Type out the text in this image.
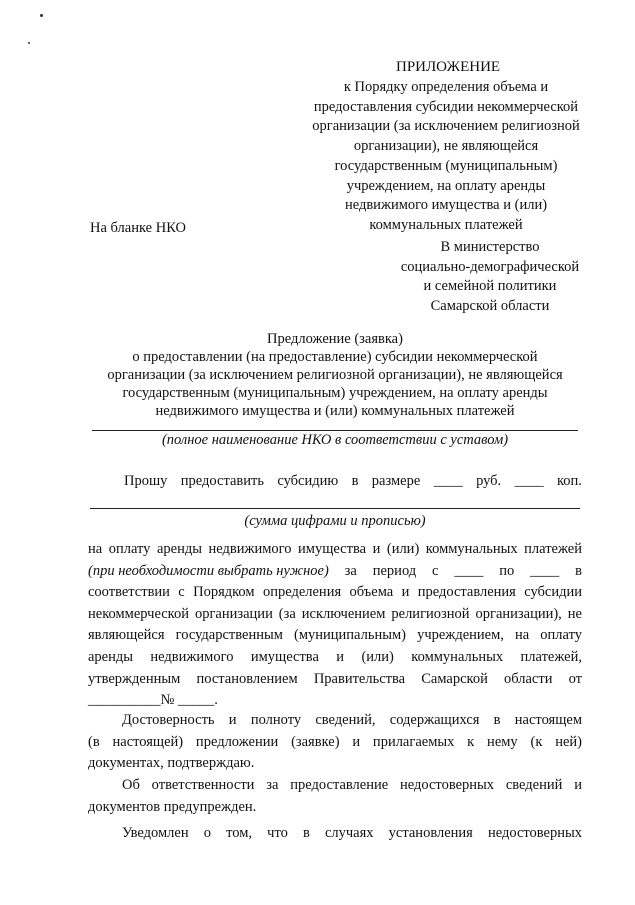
ПРИЛОЖЕНИЕ
к Порядку определения объема и
предоставления субсидии некоммерческой
организации (за исключением религиозной
организации), не являющейся
государственным (муниципальным)
учреждением, на оплату аренды
недвижимого имущества и (или)
коммунальных платежей
На бланке НКО
В министерство
социально-демографической
и семейной политики
Самарской области
Предложение (заявка)
о предоставлении (на предоставление) субсидии некоммерческой
организации (за исключением религиозной организации), не являющейся
государственным (муниципальным) учреждением, на оплату аренды
недвижимого имущества и (или) коммунальных платежей
(полное наименование НКО в соответствии с уставом)
Прошу предоставить субсидию в размере ____ руб. ____ коп.
(сумма цифрами и прописью)
на оплату аренды недвижимого имущества и (или) коммунальных платежей
(при необходимости выбрать нужное) за период с ____ по ____ в
соответствии с Порядком определения объема и предоставления субсидии
некоммерческой организации (за исключением религиозной организации), не
являющейся государственным (муниципальным) учреждением, на оплату
аренды недвижимого имущества и (или) коммунальных платежей,
утвержденным постановлением Правительства Самарской области от
__________№ _____.
Достоверность и полноту сведений, содержащихся в настоящем
(в настоящей) предложении (заявке) и прилагаемых к нему (к ней)
документах, подтверждаю.
Об ответственности за предоставление недостоверных сведений и
документов предупрежден.
Уведомлен о том, что в случаях установления недостоверных
